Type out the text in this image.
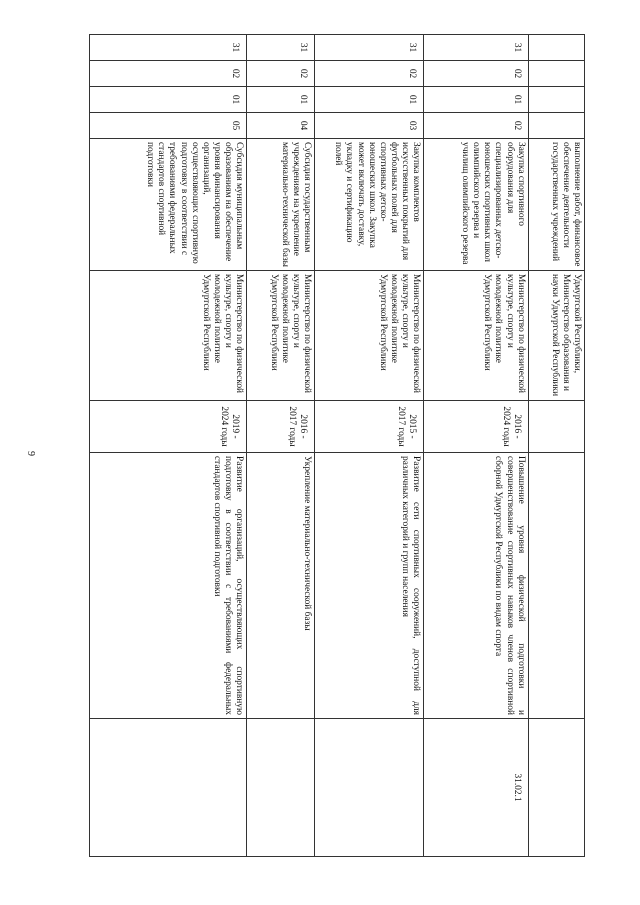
9
				выполнение работ, финансовое обеспечение деятельности государственных учреждений	Удмуртской Республики, Министерство образования и науки Удмуртской Республики			
31	02	01	02	Закупка спортивного оборудования для специализированных детско-юношеских спортивных школ олимпийского резерва и училищ олимпийского резерва	Министерство по физической культуре, спорту и молодежной политике Удмуртской Республики	2016 - 2024 годы	Повышение уровня физической подготовки и совершенствование спортивных навыков членов спортивной сборной Удмуртской Республики по видам спорта	31.02.1
31	02	01	03	Закупка комплектов искусственных покрытий для футбольных полей для спортивных детско-юношеских школ. Закупка может включать доставку, укладку и сертификацию полей	Министерство по физической культуре, спорту и молодежной политике Удмуртской Республики	2015 - 2017 годы	Развитие сети спортивных сооружений, доступной для различных категорий и групп населения	
31	02	01	04	Субсидия государственным учреждениям на укрепление материально-технической базы	Министерство по физической культуре, спорту и молодежной политике Удмуртской Республики	2016 - 2017 годы	Укрепление материально-технической базы	
31	02	01	05	Субсидия муниципальным образованиям на обеспечение уровня финансирования организаций, осуществляющих спортивную подготовку в соответствии с требованиями федеральных стандартов спортивной подготовки	Министерство по физической культуре, спорту и молодежной политике Удмуртской Республики	2019 - 2024 годы	Развитие организаций, осуществляющих спортивную подготовку в соответствии с требованиями федеральных стандартов спортивной подготовки	
